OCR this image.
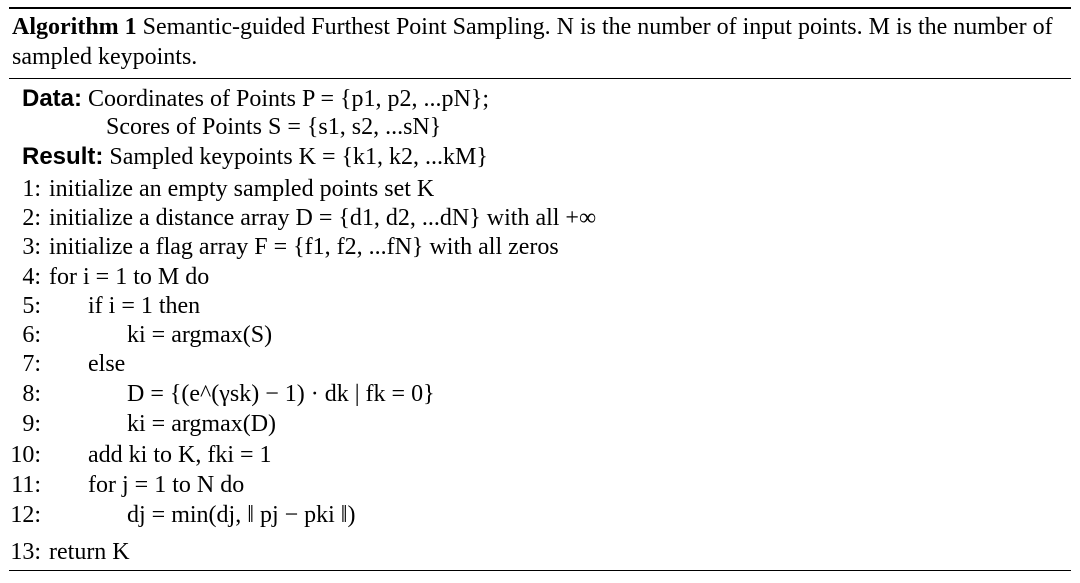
Algorithm 1 Semantic-guided Furthest Point Sampling. N is the number of input points. M is the number of sampled keypoints.
Data: Coordinates of Points P = {p1, p2, ...pN};
Scores of Points S = {s1, s2, ...sN}
Result: Sampled keypoints K = {k1, k2, ...kM}
1: initialize an empty sampled points set K
2: initialize a distance array D = {d1, d2, ...dN} with all +∞
3: initialize a flag array F = {f1, f2, ...fN} with all zeros
4: for i = 1 to M do
5: if i = 1 then
6:	ki = argmax(S)
7: else
8:	D = {(e^(γsk) − 1) · dk | fk = 0}
9:	ki = argmax(D)
10: add ki to K, fki = 1
11: for j = 1 to N do
12:	dj = min(dj, ‖ pj − pki ‖)
13: return K
